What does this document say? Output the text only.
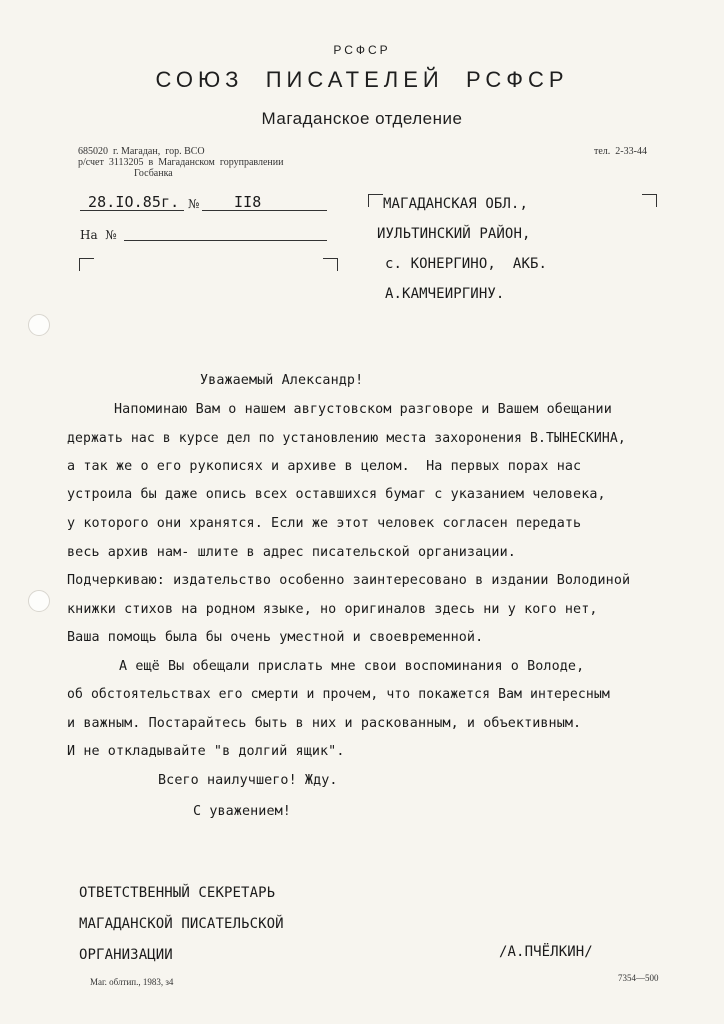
РСФСР
СОЮЗ  ПИСАТЕЛЕЙ  РСФСР
Магаданское отделение
685020  г. Магадан,  гор. ВСО
р/счет  3113205  в  Магаданском  горуправлении
Госбанка
тел.  2-33-44
28.IO.85г. № II8
На  №
МАГАДАНСКАЯ ОБЛ.,
ИУЛЬТИНСКИЙ РАЙОН,
с. КОНЕРГИНО,  АКБ.
А.КАМЧЕИРГИНУ.
Уважаемый Александр!
Напоминаю Вам о нашем августовском разговоре и Вашем обещании
держать нас в курсе дел по установлению места захоронения В.ТЫНЕСКИНА,
а так же о его рукописях и архиве в целом.  На первых порах нас
устроила бы даже опись всех оставшихся бумаг с указанием человека,
у которого они хранятся. Если же этот человек согласен передать
весь архив нам- шлите в адрес писательской организации.
Подчеркиваю: издательство особенно заинтересовано в издании Володиной
книжки стихов на родном языке, но оригиналов здесь ни у кого нет,
Ваша помощь была бы очень уместной и своевременной.
А ещё Вы обещали прислать мне свои воспоминания о Володе,
об обстоятельствах его смерти и прочем, что покажется Вам интересным
и важным. Постарайтесь быть в них и раскованным, и объективным.
И не откладывайте "в долгий ящик".
Всего наилучшего! Жду.
С уважением!
ОТВЕТСТВЕННЫЙ СЕКРЕТАРЬ
МАГАДАНСКОЙ ПИСАТЕЛЬСКОЙ
ОРГАНИЗАЦИИ	/А.ПЧЁЛКИН/
Маг. облтип., 1983, з4	7354—500
